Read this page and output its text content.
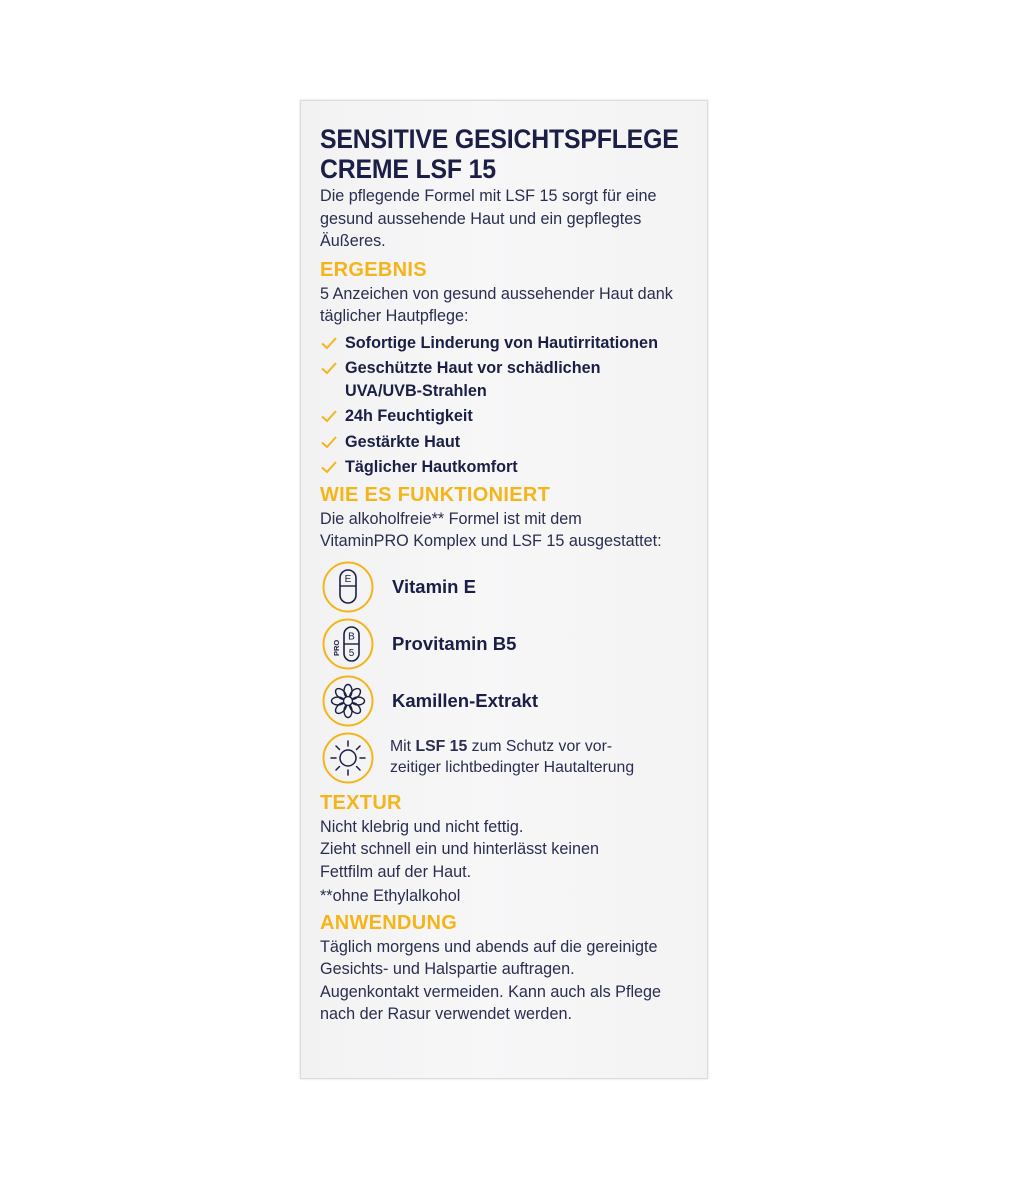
SENSITIVE GESICHTSPFLEGE
CREME LSF 15

Die pflegende Formel mit LSF 15 sorgt für eine

gesund aussehende Haut und ein gepflegtes

Äußeres.

ERGEBNIS

5 Anzeichen von gesund aussehender Haut dank

täglicher Hautpflege:

Sofortige Linderung von Hautirritationen
Geschützte Haut vor schädlichen
UVA/UVB-Strahlen
24h Feuchtigkeit
Gestärkte Haut
Täglicher Hautkomfort
WIE ES FUNKTIONIERT

Die alkoholfreie** Formel ist mit dem

VitaminPRO Komplex und LSF 15 ausgestattet:

E Vitamin E
B
5
PRO	Provitamin B5
Kamillen-Extrakt
Mit LSF 15 zum Schutz vor vor-
zeitiger lichtbedingter Hautalterung
TEXTUR

Nicht klebrig und nicht fettig.

Zieht schnell ein und hinterlässt keinen

Fettfilm auf der Haut.

**ohne Ethylalkohol

ANWENDUNG

Täglich morgens und abends auf die gereinigte

Gesichts- und Halspartie auftragen.

Augenkontakt vermeiden. Kann auch als Pflege

nach der Rasur verwendet werden.
